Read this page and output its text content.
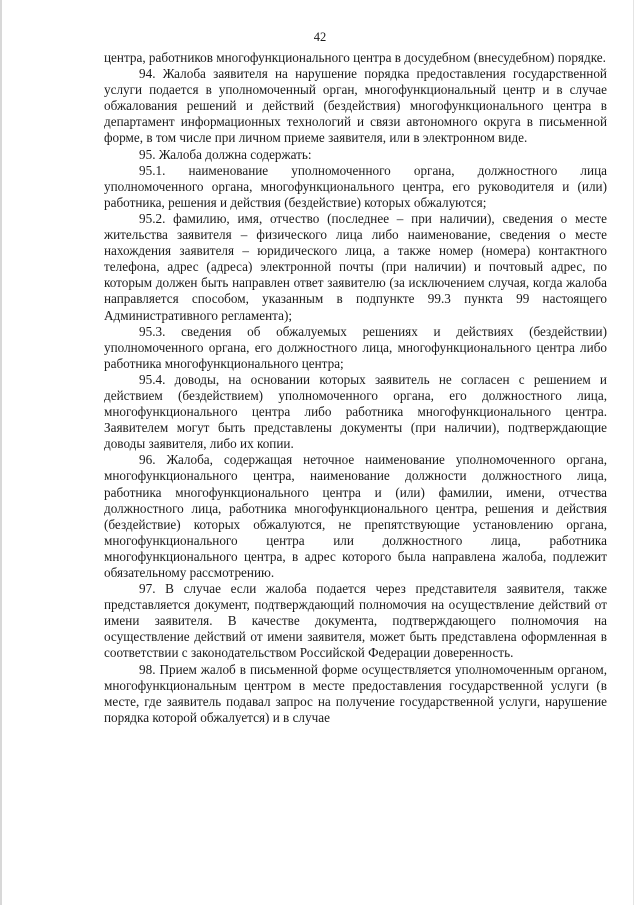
42

центра, работников многофункционального центра в досудебном (внесудебном) порядке.

94. Жалоба заявителя на нарушение порядка предоставления государственной услуги подается в уполномоченный орган, многофункциональный центр и в случае обжалования решений и действий (бездействия) многофункционального центра в департамент информационных технологий и связи автономного округа в письменной форме, в том числе при личном приеме заявителя, или в электронном виде.

95. Жалоба должна содержать:

95.1. наименование уполномоченного органа, должностного лица уполномоченного органа, многофункционального центра, его руководителя и (или) работника, решения и действия (бездействие) которых обжалуются;

95.2. фамилию, имя, отчество (последнее – при наличии), сведения о месте жительства заявителя – физического лица либо наименование, сведения о месте нахождения заявителя – юридического лица, а также номер (номера) контактного телефона, адрес (адреса) электронной почты (при наличии) и почтовый адрес, по которым должен быть направлен ответ заявителю (за исключением случая, когда жалоба направляется способом, указанным в подпункте 99.3 пункта 99 настоящего Административного регламента);

95.3. сведения об обжалуемых решениях и действиях (бездействии) уполномоченного органа, его должностного лица, многофункционального центра либо работника многофункционального центра;

95.4. доводы, на основании которых заявитель не согласен с решением и действием (бездействием) уполномоченного органа, его должностного лица, многофункционального центра либо работника многофункционального центра. Заявителем могут быть представлены документы (при наличии), подтверждающие доводы заявителя, либо их копии.

96. Жалоба, содержащая неточное наименование уполномоченного органа, многофункционального центра, наименование должности должностного лица, работника многофункционального центра и (или) фамилии, имени, отчества должностного лица, работника многофункционального центра, решения и действия (бездействие) которых обжалуются, не препятствующие установлению органа, многофункционального центра или должностного лица, работника многофункционального центра, в адрес которого была направлена жалоба, подлежит обязательному рассмотрению.

97. В случае если жалоба подается через представителя заявителя, также представляется документ, подтверждающий полномочия на осуществление действий от имени заявителя. В качестве документа, подтверждающего полномочия на осуществление действий от имени заявителя, может быть представлена оформленная в соответствии с законодательством Российской Федерации доверенность.

98. Прием жалоб в письменной форме осуществляется уполномоченным органом, многофункциональным центром в месте предоставления государственной услуги (в месте, где заявитель подавал запрос на получение государственной услуги, нарушение порядка которой обжалуется) и в случае
